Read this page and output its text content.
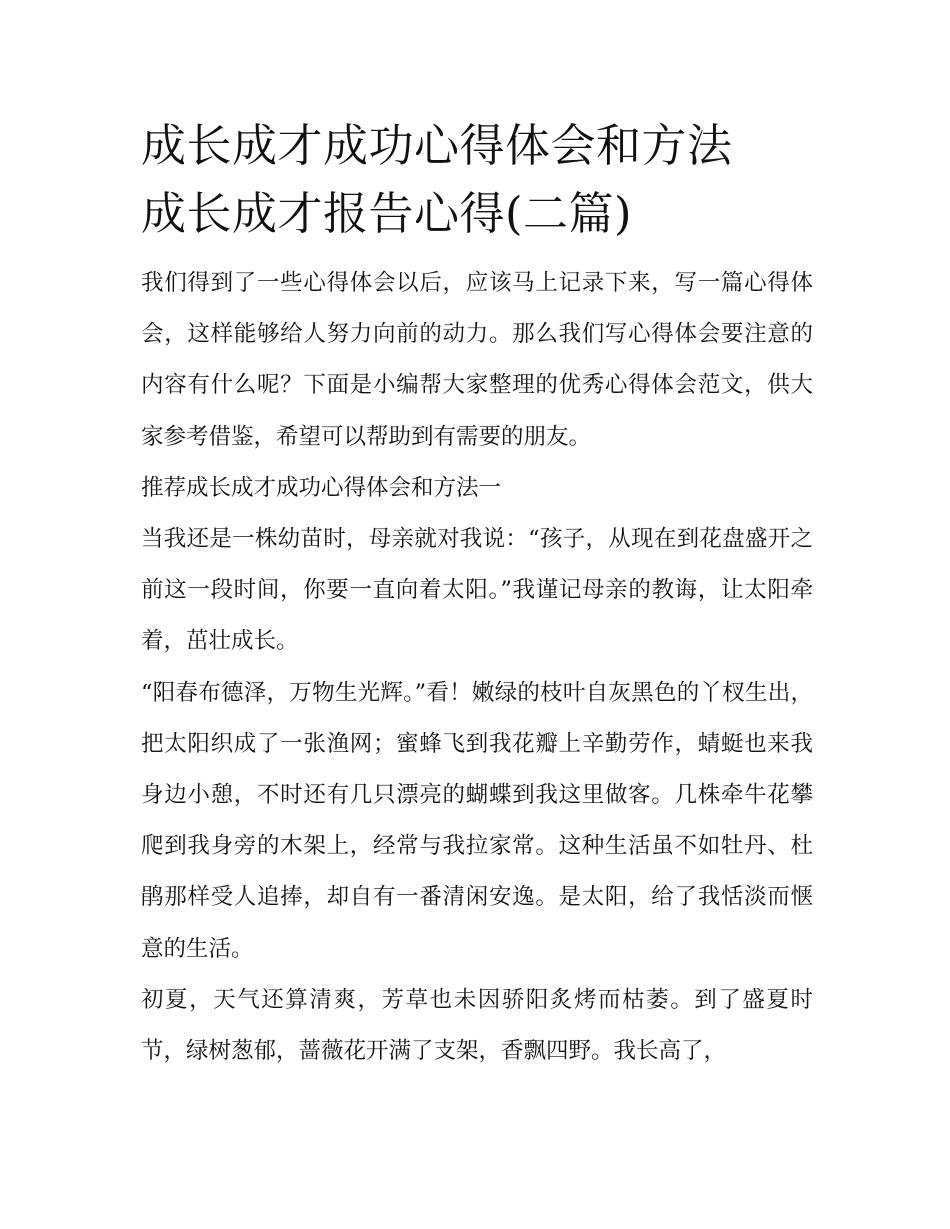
成长成才成功心得体会和方法
成长成才报告心得(二篇)

我们得到了一些心得体会以后，应该马上记录下来，写一篇心得体会，这样能够给人努力向前的动力。那么我们写心得体会要注意的内容有什么呢？下面是小编帮大家整理的优秀心得体会范文，供大家参考借鉴，希望可以帮助到有需要的朋友。

推荐成长成才成功心得体会和方法一

当我还是一株幼苗时，母亲就对我说：“孩子，从现在到花盘盛开之前这一段时间，你要一直向着太阳。”我谨记母亲的教诲，让太阳牵着，茁壮成长。

“阳春布德泽，万物生光辉。”看！嫩绿的枝叶自灰黑色的丫杈生出，把太阳织成了一张渔网；蜜蜂飞到我花瓣上辛勤劳作，蜻蜓也来我身边小憩，不时还有几只漂亮的蝴蝶到我这里做客。几株牵牛花攀爬到我身旁的木架上，经常与我拉家常。这种生活虽不如牡丹、杜鹃那样受人追捧，却自有一番清闲安逸。是太阳，给了我恬淡而惬意的生活。

初夏，天气还算清爽，芳草也未因骄阳炙烤而枯萎。到了盛夏时节，绿树葱郁，蔷薇花开满了支架，香飘四野。我长高了，
